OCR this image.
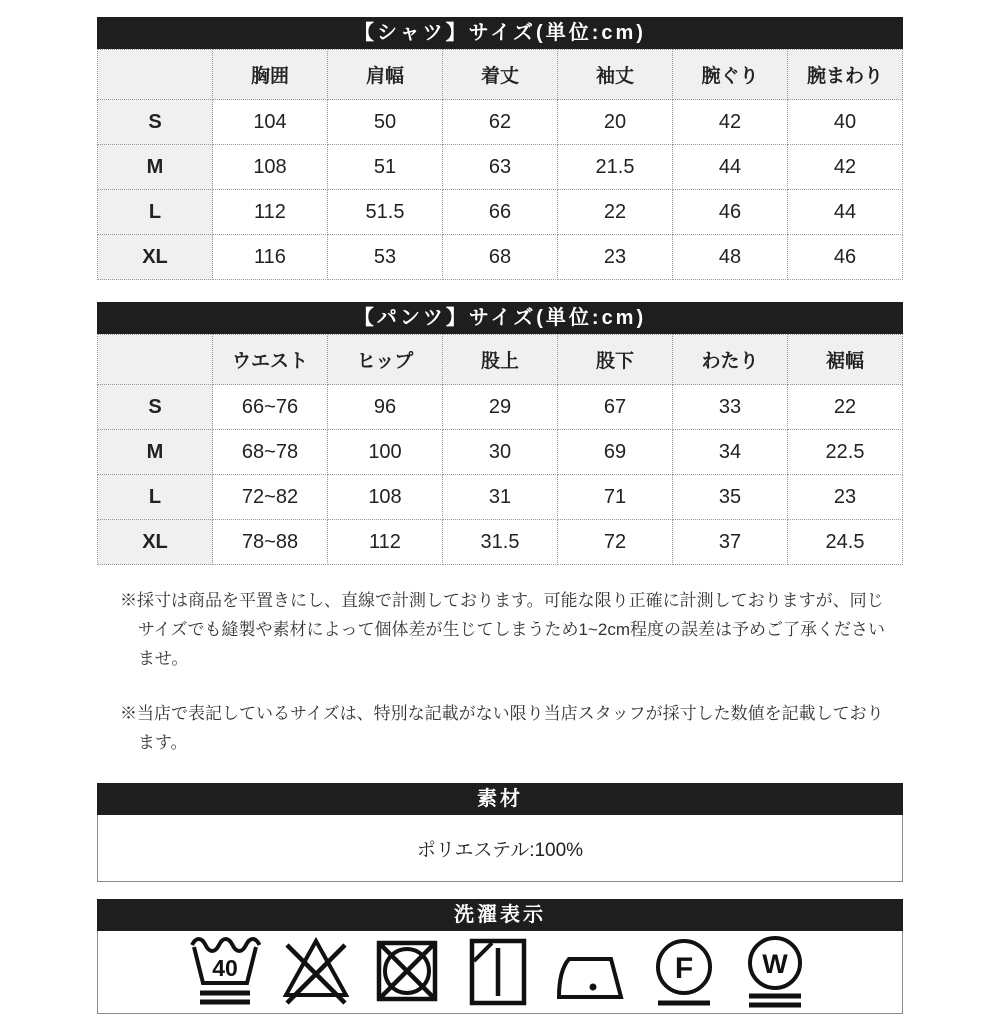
【シャツ】サイズ(単位:cm)
	胸囲	肩幅	着丈	袖丈	腕ぐり	腕まわり
S	104	50	62	20	42	40
M	108	51	63	21.5	44	42
L	112	51.5	66	22	46	44
XL	116	53	68	23	48	46
【パンツ】サイズ(単位:cm)
	ウエスト	ヒップ	股上	股下	わたり	裾幅
S	66~76	96	29	67	33	22
M	68~78	100	30	69	34	22.5
L	72~82	108	31	71	35	23
XL	78~88	112	31.5	72	37	24.5
※採寸は商品を平置きにし、直線で計測しております。可能な限り正確に計測しておりますが、同じサイズでも縫製や素材によって個体差が生じてしまうため1~2cm程度の誤差は予めご了承くださいませ。
※当店で表記しているサイズは、特別な記載がない限り当店スタッフが採寸した数値を記載しております。
素材
ポリエステル:100%
洗濯表示
40	F	W
